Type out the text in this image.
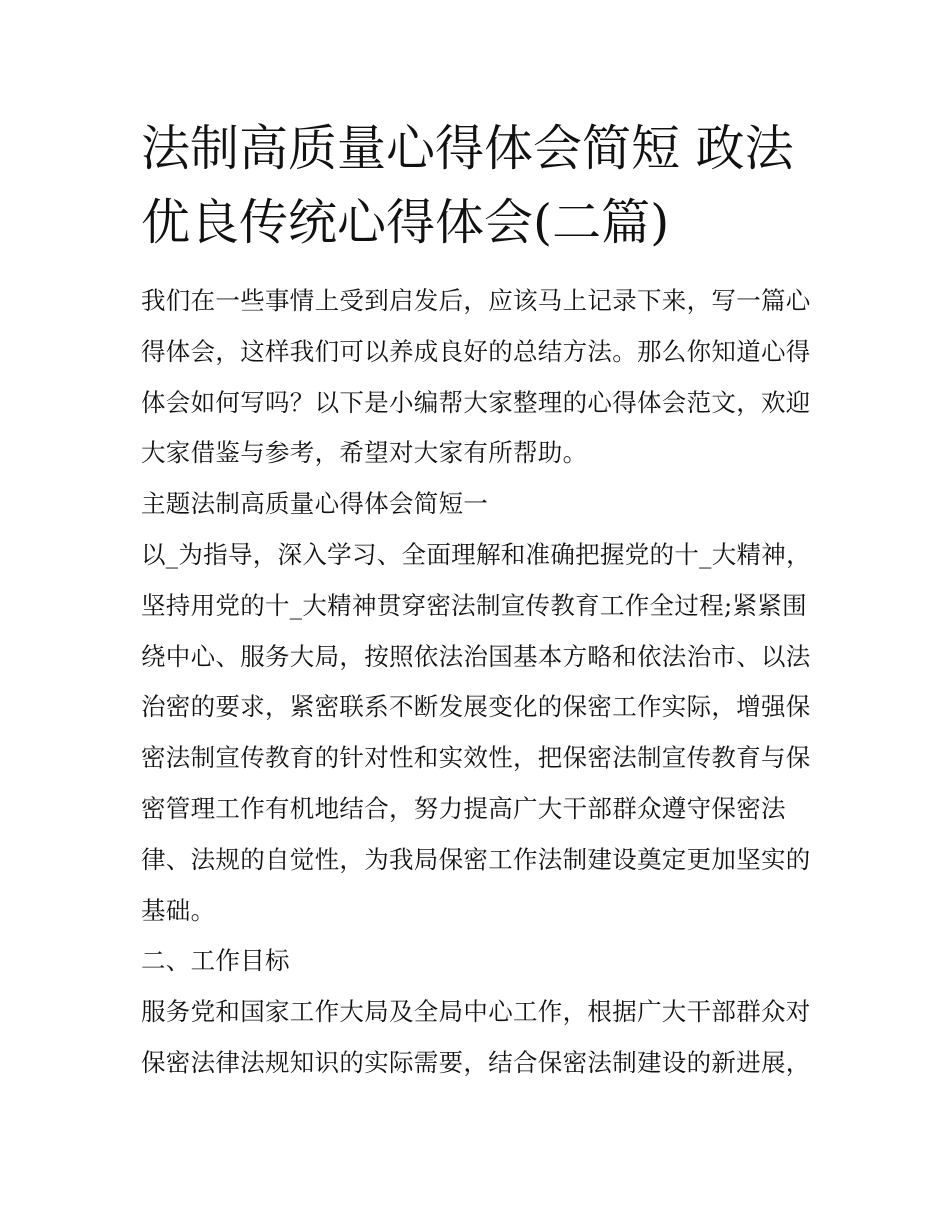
法制高质量心得体会简短 政法优良传统心得体会(二篇)

我们在一些事情上受到启发后，应该马上记录下来，写一篇心得体会，这样我们可以养成良好的总结方法。那么你知道心得体会如何写吗？以下是小编帮大家整理的心得体会范文，欢迎大家借鉴与参考，希望对大家有所帮助。

主题法制高质量心得体会简短一

以_为指导，深入学习、全面理解和准确把握党的十_大精神，坚持用党的十_大精神贯穿密法制宣传教育工作全过程;紧紧围绕中心、服务大局，按照依法治国基本方略和依法治市、以法治密的要求，紧密联系不断发展变化的保密工作实际，增强保密法制宣传教育的针对性和实效性，把保密法制宣传教育与保密管理工作有机地结合，努力提高广大干部群众遵守保密法律、法规的自觉性，为我局保密工作法制建设奠定更加坚实的基础。

二、工作目标

服务党和国家工作大局及全局中心工作，根据广大干部群众对保密法律法规知识的实际需要，结合保密法制建设的新进展，
